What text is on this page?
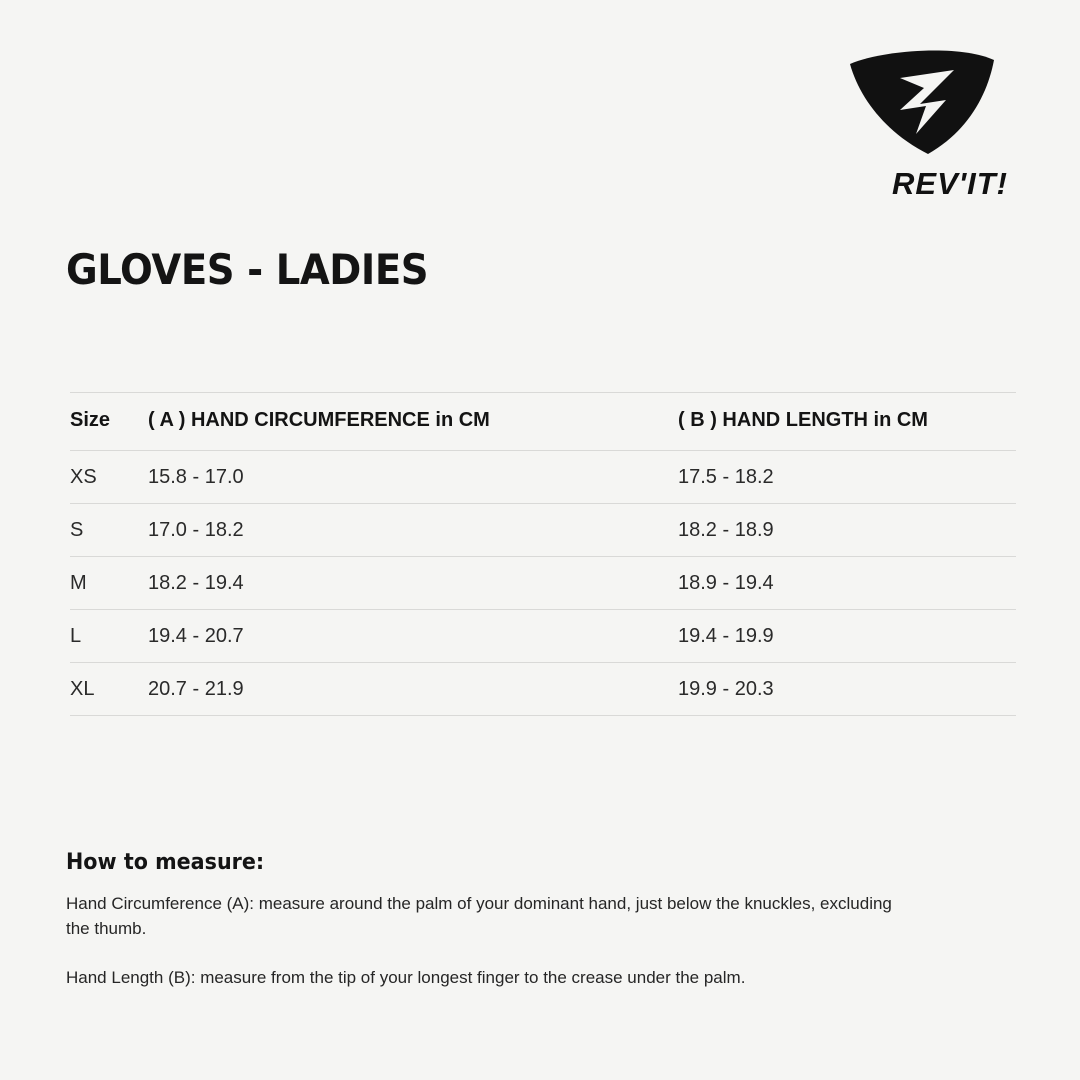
REV'IT!
GLOVES - LADIES
Size	( A ) HAND CIRCUMFERENCE in CM	( B ) HAND LENGTH in CM
XS	15.8 - 17.0	17.5 - 18.2
S	17.0 - 18.2	18.2 - 18.9
M	18.2 - 19.4	18.9 - 19.4
L	19.4 - 20.7	19.4 - 19.9
XL	20.7 - 21.9	19.9 - 20.3
How to measure:

Hand Circumference (A): measure around the palm of your dominant hand, just below the knuckles, excluding the thumb.

Hand Length (B): measure from the tip of your longest finger to the crease under the palm.
